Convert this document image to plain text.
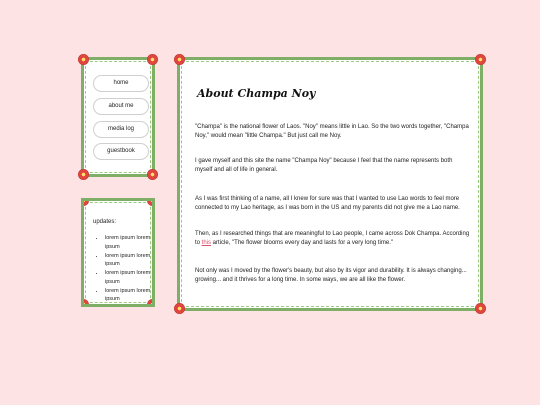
home
about me
media log
guestbook
updates:
• lorem ipsum lorem ipsum
• lorem ipsum lorem ipsum
• lorem ipsum lorem ipsum
• lorem ipsum lorem ipsum
About Champa Noy

"Champa" is the national flower of Laos. "Noy" means little in Lao. So the two words together, "Champa Noy," would mean "little Champa." But just call me Noy.

I gave myself and this site the name "Champa Noy" because I feel that the name represents both myself and all of life in general.

As I was first thinking of a name, all I knew for sure was that I wanted to use Lao words to feel more connected to my Lao heritage, as I was born in the US and my parents did not give me a Lao name.

Then, as I researched things that are meaningful to Lao people, I came across Dok Champa. According to this article, "The flower blooms every day and lasts for a very long time."

Not only was I moved by the flower's beauty, but also by its vigor and durability. It is always changing... growing... and it thrives for a long time. In some ways, we are all like the flower.
